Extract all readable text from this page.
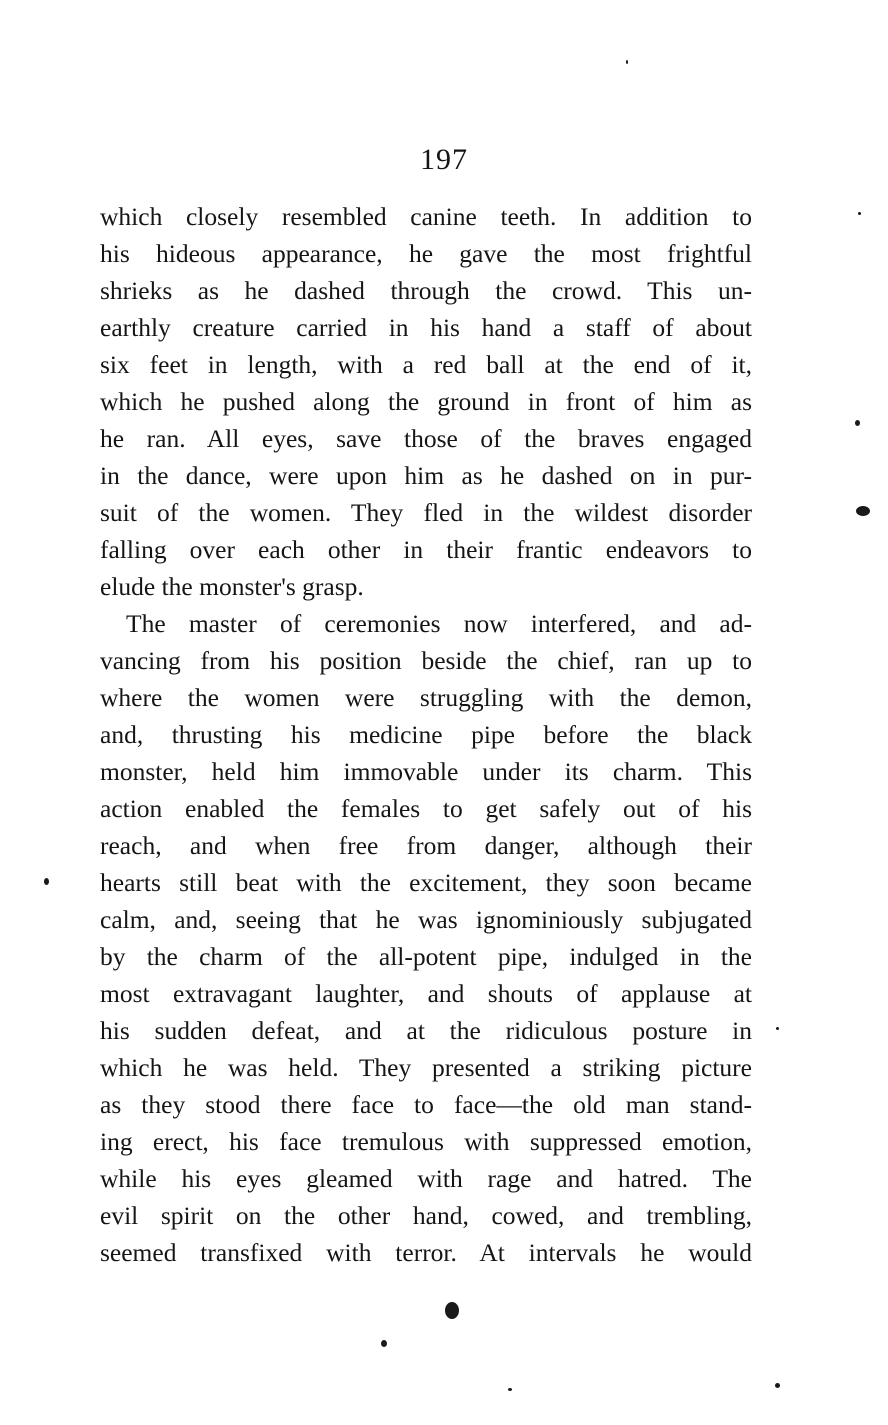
197
which closely resembled canine teeth. In addition to
his hideous appearance, he gave the most frightful
shrieks as he dashed through the crowd. This un-
earthly creature carried in his hand a staff of about
six feet in length, with a red ball at the end of it,
which he pushed along the ground in front of him as
he ran. All eyes, save those of the braves engaged
in the dance, were upon him as he dashed on in pur-
suit of the women. They fled in the wildest disorder
falling over each other in their frantic endeavors to
elude the monster's grasp.
The master of ceremonies now interfered, and ad-
vancing from his position beside the chief, ran up to
where the women were struggling with the demon,
and, thrusting his medicine pipe before the black
monster, held him immovable under its charm. This
action enabled the females to get safely out of his
reach, and when free from danger, although their
hearts still beat with the excitement, they soon became
calm, and, seeing that he was ignominiously subjugated
by the charm of the all-potent pipe, indulged in the
most extravagant laughter, and shouts of applause at
his sudden defeat, and at the ridiculous posture in
which he was held. They presented a striking picture
as they stood there face to face—the old man stand-
ing erect, his face tremulous with suppressed emotion,
while his eyes gleamed with rage and hatred. The
evil spirit on the other hand, cowed, and trembling,
seemed transfixed with terror. At intervals he would
